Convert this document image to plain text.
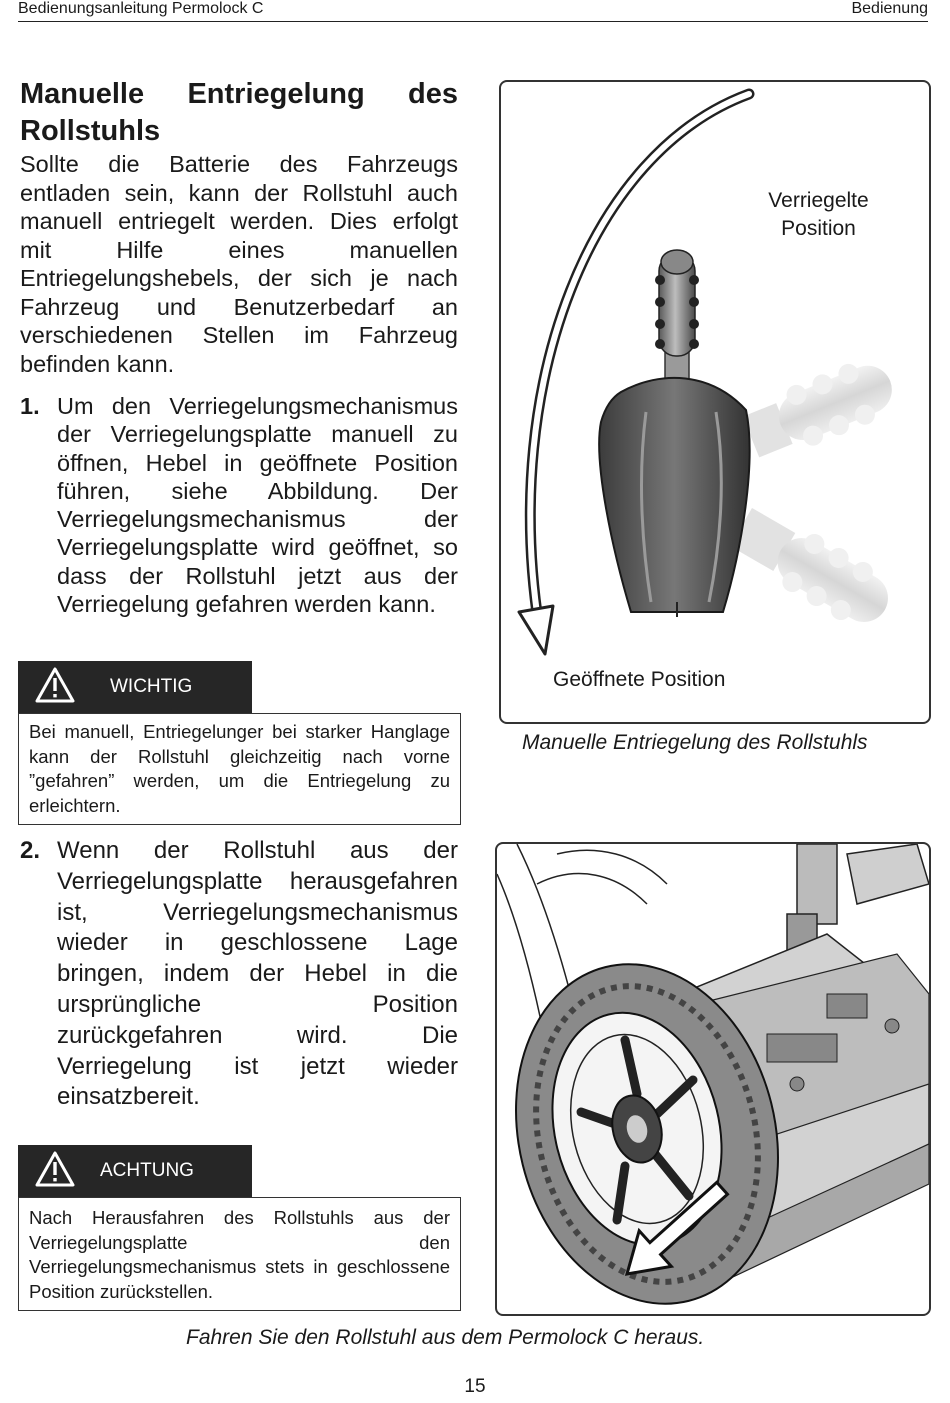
Bedienungsanleitung Permolock C	Bedienung
Manuelle Entriegelung des Rollstuhls

Sollte die Batterie des Fahrzeugs entladen sein, kann der Rollstuhl auch manuell entriegelt werden. Dies erfolgt mit Hilfe eines manuellen Entriegelungshebels, der sich je nach Fahrzeug und Benutzerbedarf an verschiedenen Stellen im Fahrzeug befinden kann.

1. Um den Verriegelungsmechanismus der Verriegelungsplatte manuell zu öffnen, Hebel in geöffnete Position führen, siehe Abbildung. Der Verriegelungsmechanismus der Verriegelungsplatte wird geöffnet, so dass der Rollstuhl jetzt aus der Verriegelung gefahren werden kann.
WICHTIG
Bei manuell, Entriegelunger bei starker Hanglage kann der Rollstuhl gleichzeitig nach vorne ”gefahren” werden, um die Entriegelung zu erleichtern.
2. Wenn der Rollstuhl aus der Verriegelungsplatte herausgefahren ist, Verriegelungsmechanismus wieder in geschlossene Lage bringen, indem der Hebel in die ursprüngliche Position zurückgefahren wird. Die Verriegelung ist jetzt wieder einsatzbereit.
ACHTUNG
Nach Herausfahren des Rollstuhls aus der Verriegelungsplatte den Verriegelungsmechanismus stets in geschlossene Position zurückstellen.
Verriegelte
Position
Geöffnete Position
Manuelle Entriegelung des Rollstuhls
Fahren Sie den Rollstuhl aus dem Permolock C heraus.
15
